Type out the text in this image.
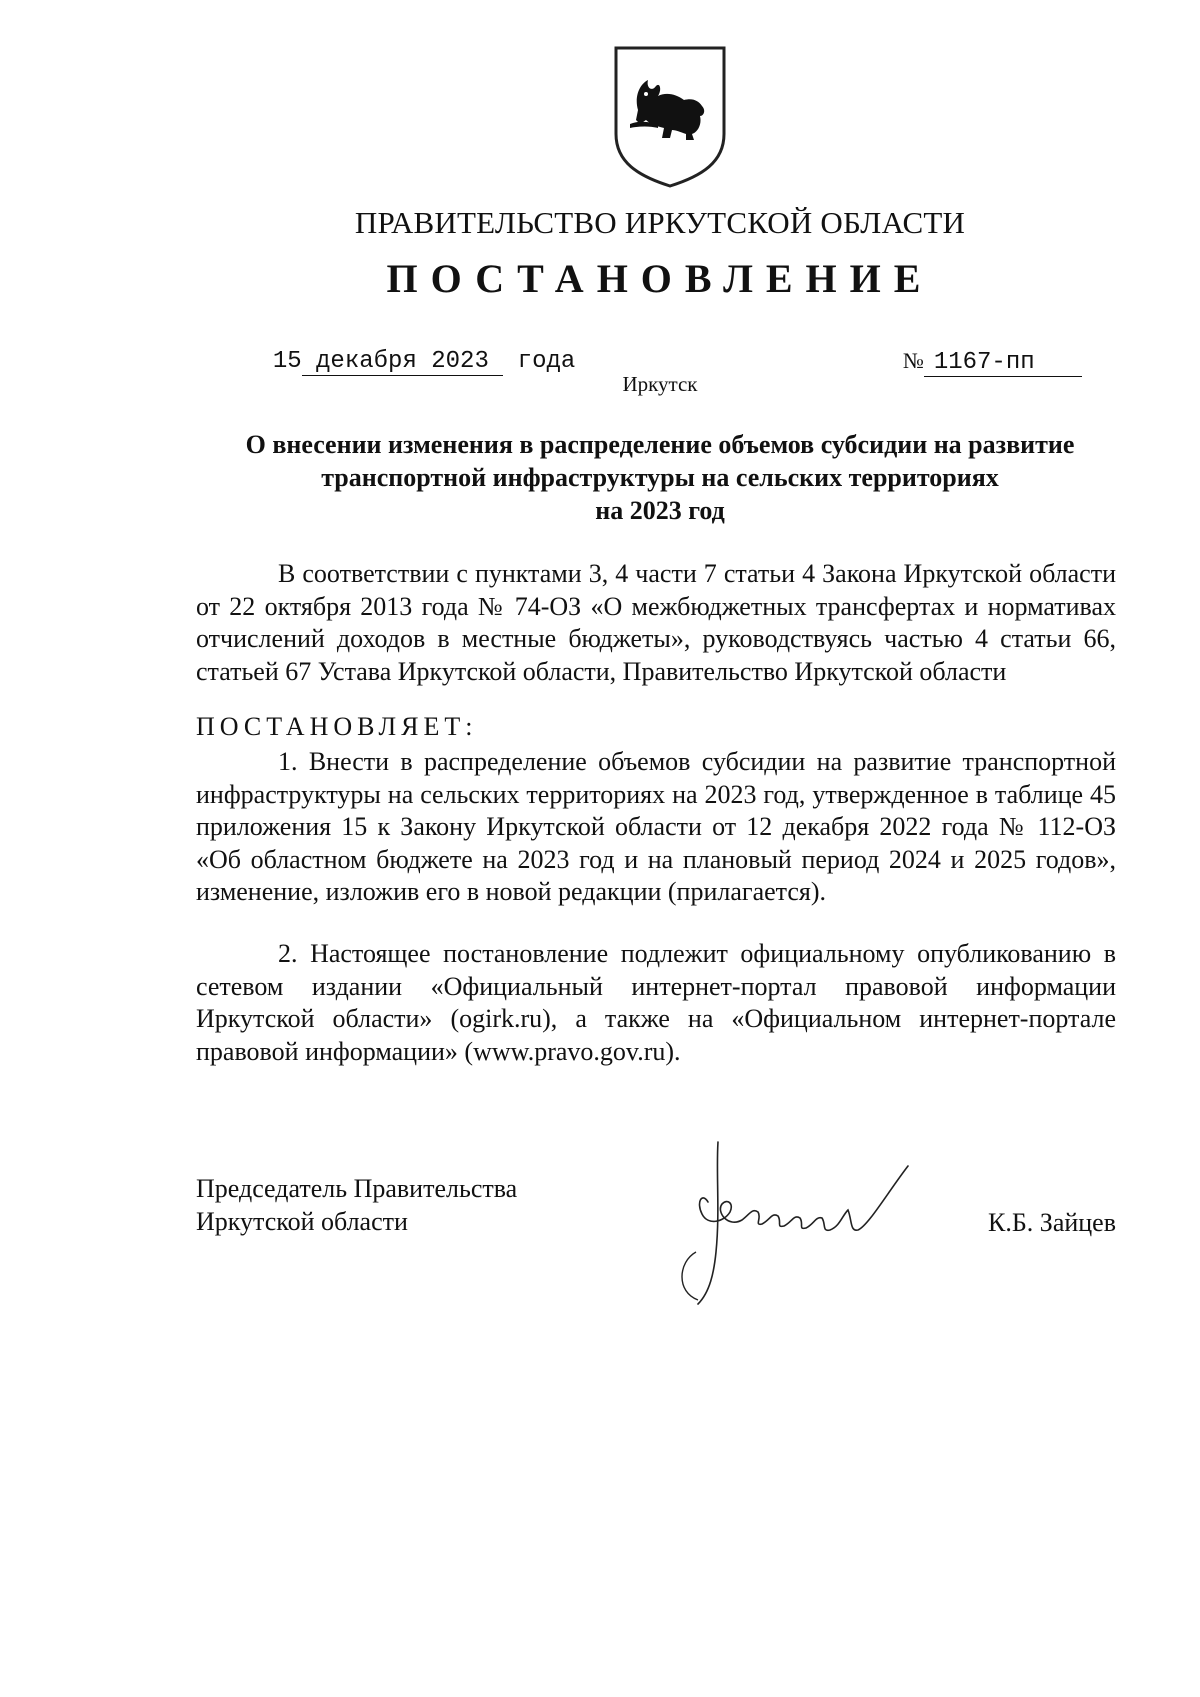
ПРАВИТЕЛЬСТВО ИРКУТСКОЙ ОБЛАСТИ
ПОСТАНОВЛЕНИЕ

15 декабря 2023 года	№ 1167-пп

Иркутск
О внесении изменения в распределение объемов субсидии на развитие
транспортной инфраструктуры на сельских территориях
на 2023 год

В соответствии с пунктами 3, 4 части 7 статьи 4 Закона Иркутской области от 22 октября 2013 года № 74-ОЗ «О межбюджетных трансфертах и нормативах отчислений доходов в местные бюджеты», руководствуясь частью 4 статьи 66, статьей 67 Устава Иркутской области, Правительство Иркутской области

ПОСТАНОВЛЯЕТ:

1. Внести в распределение объемов субсидии на развитие транспортной инфраструктуры на сельских территориях на 2023 год, утвержденное в таблице 45 приложения 15 к Закону Иркутской области от 12 декабря 2022 года № 112-ОЗ «Об областном бюджете на 2023 год и на плановый период 2024 и 2025 годов», изменение, изложив его в новой редакции (прилагается).

2. Настоящее постановление подлежит официальному опубликованию в сетевом издании «Официальный интернет-портал правовой информации Иркутской области» (ogirk.ru), а также на «Официальном интернет-портале правовой информации» (www.pravo.gov.ru).

Председатель Правительства
Иркутской области	К.Б. Зайцев
